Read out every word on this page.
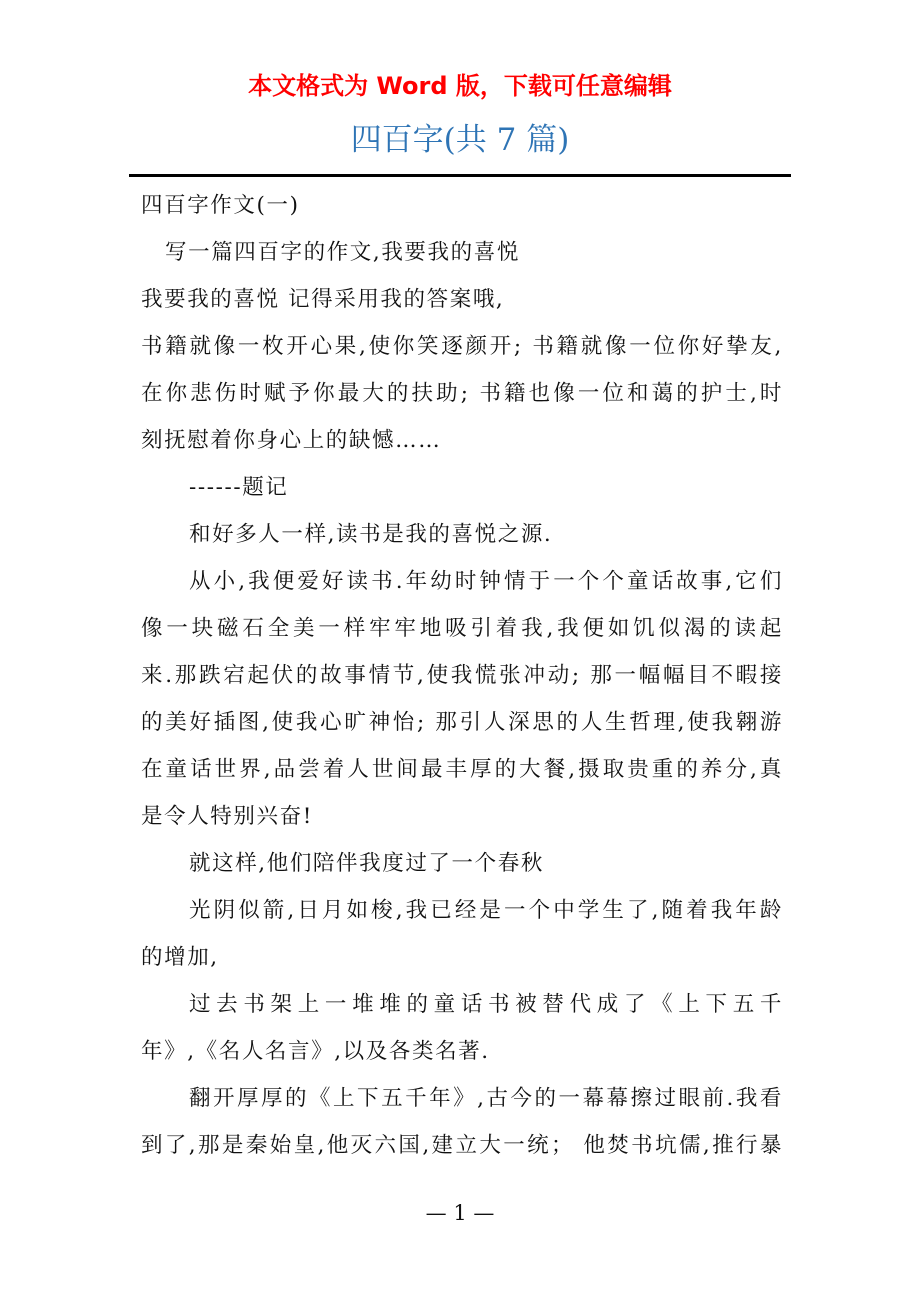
本文格式为 Word 版，下载可任意编辑
四百字(共 7 篇)
四百字作文(一)
写一篇四百字的作文,我要我的喜悦
我要我的喜悦 记得采用我的答案哦,
书籍就像一枚开心果,使你笑逐颜开; 书籍就像一位你好挚友,
在你悲伤时赋予你最大的扶助; 书籍也像一位和蔼的护士,时
刻抚慰着你身心上的缺憾……
------题记
和好多人一样,读书是我的喜悦之源.
从小,我便爱好读书.年幼时钟情于一个个童话故事,它们
像一块磁石全美一样牢牢地吸引着我,我便如饥似渴的读起
来.那跌宕起伏的故事情节,使我慌张冲动; 那一幅幅目不暇接
的美好插图,使我心旷神怡; 那引人深思的人生哲理,使我翱游
在童话世界,品尝着人世间最丰厚的大餐,摄取贵重的养分,真
是令人特别兴奋!
就这样,他们陪伴我度过了一个春秋
光阴似箭,日月如梭,我已经是一个中学生了,随着我年龄
的增加,
过去书架上一堆堆的童话书被替代成了《上下五千
年》,《名人名言》,以及各类名著.
翻开厚厚的《上下五千年》,古今的一幕幕擦过眼前.我看
到了,那是秦始皇,他灭六国,建立大一统； 他焚书坑儒,推行暴
— 1 —
